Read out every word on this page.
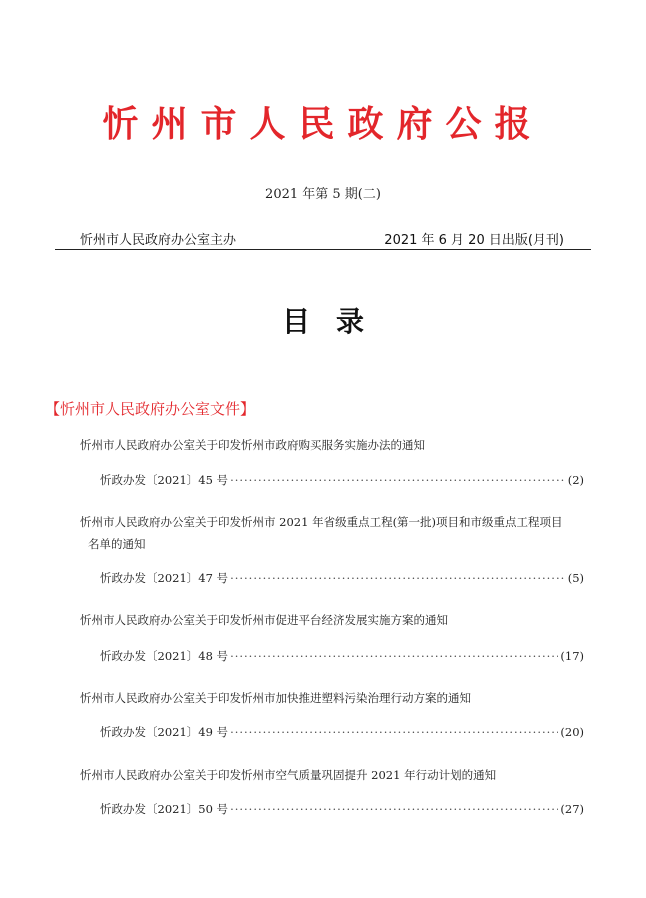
忻州市人民政府公报
2021 年第 5 期(二)
忻州市人民政府办公室主办	2021 年 6 月 20 日出版(月刊)
目录
【忻州市人民政府办公室文件】
忻州市人民政府办公室关于印发忻州市政府购买服务实施办法的通知
忻政办发〔2021〕45 号 ·····	(2)
忻州市人民政府办公室关于印发忻州市 2021 年省级重点工程(第一批)项目和市级重点工程项目
名单的通知
忻政办发〔2021〕47 号 ·····	(5)
忻州市人民政府办公室关于印发忻州市促进平台经济发展实施方案的通知
忻政办发〔2021〕48 号 ·····	(17)
忻州市人民政府办公室关于印发忻州市加快推进塑料污染治理行动方案的通知
忻政办发〔2021〕49 号 ·····	(20)
忻州市人民政府办公室关于印发忻州市空气质量巩固提升 2021 年行动计划的通知
忻政办发〔2021〕50 号 ·····	(27)
